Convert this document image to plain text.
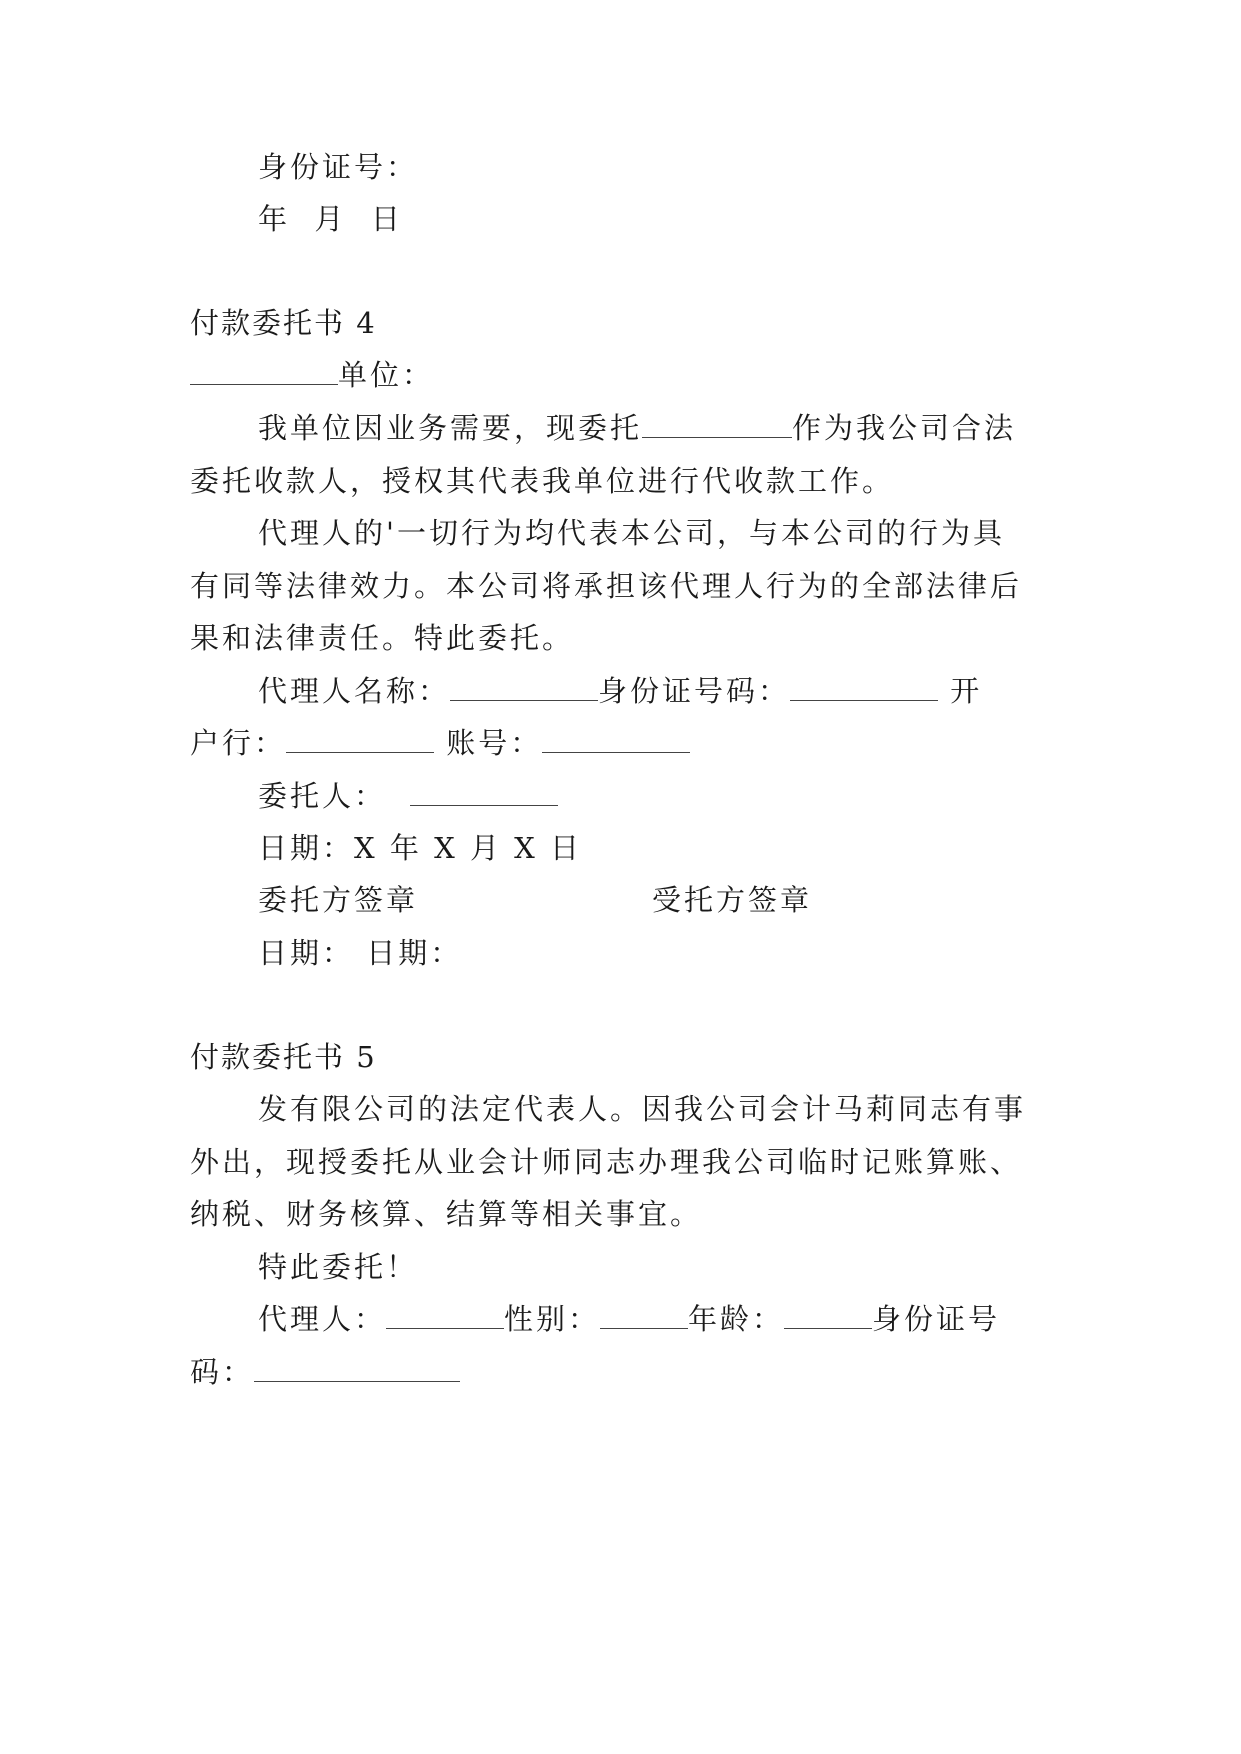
身份证号：
年  月  日
付款委托书 4
单位：
我单位因业务需要，现委托	作为我公司合法
委托收款人，授权其代表我单位进行代收款工作。
代理人的'一切行为均代表本公司，与本公司的行为具
有同等法律效力。本公司将承担该代理人行为的全部法律后
果和法律责任。特此委托。
代理人名称：	身份证号码：	开
户行：	账号：
委托人：
日期：X 年 X 月 X 日
委托方签章	受托方签章
日期： 日期：
付款委托书 5
发有限公司的法定代表人。因我公司会计马莉同志有事
外出，现授委托从业会计师同志办理我公司临时记账算账、
纳税、财务核算、结算等相关事宜。
特此委托！
代理人：	性别：	年龄：	身份证号
码：
